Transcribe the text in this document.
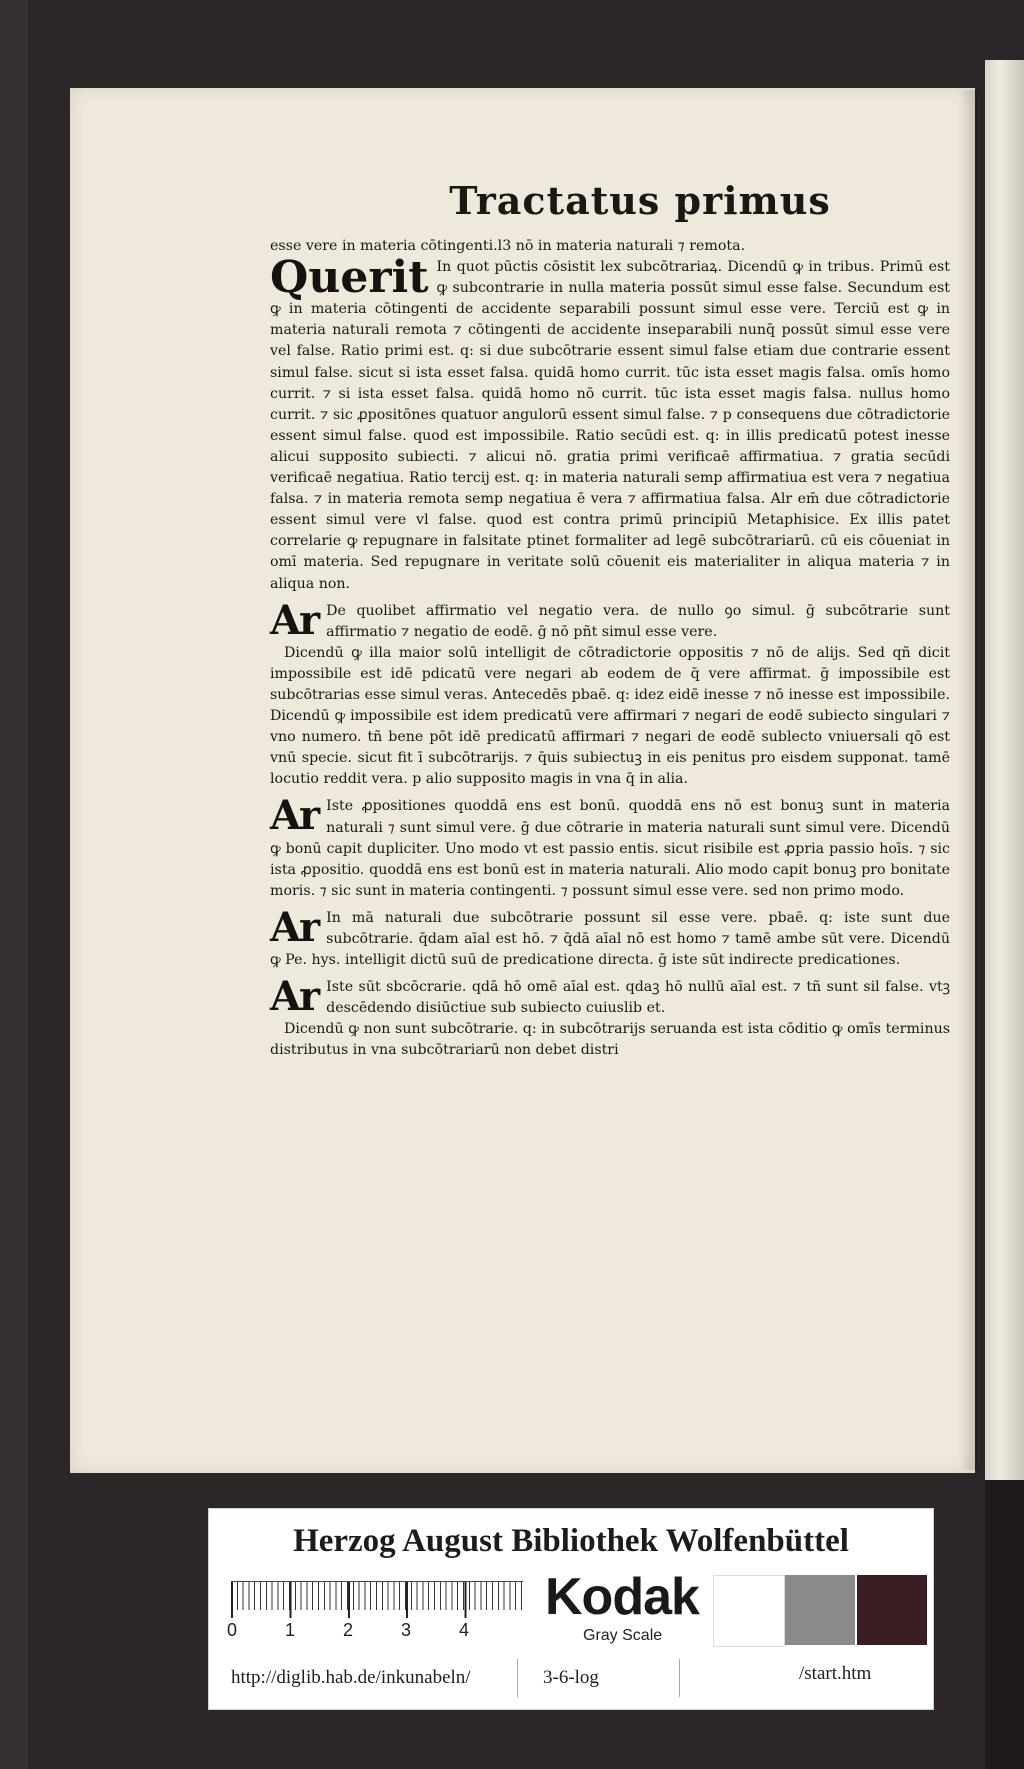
Tractatus primus

esse vere in materia cōtingenti.l3 nō in materia naturali ⁊ remota.

Querit In quot pūctis cōsistit lex subcōtrariaꝝ. Dicendū ꝙ in tribus. Primū est ꝙ subcontrarie in nulla materia possūt simul esse false. Secundum est ꝙ in materia cōtingenti de accidente separabili possunt simul esse vere. Terciū est ꝙ in materia naturali remota ⁊ cōtingenti de accidente inseparabili nunq̄ possūt simul esse vere vel false. Ratio primi est. q: si due subcōtrarie essent simul false etiam due contrarie essent simul false. sicut si ista esset falsa. quidā homo currit. tūc ista esset magis falsa. omīs homo currit. ⁊ si ista esset falsa. quidā homo nō currit. tūc ista esset magis falsa. nullus homo currit. ⁊ sic ꝓpositōnes quatuor angulorū essent simul false. ⁊ p consequens due cōtradictorie essent simul false. quod est impossibile. Ratio secūdi est. q: in illis predicatū potest inesse alicui supposito subiecti. ⁊ alicui nō. gratia primi verificaē affirmatiua. ⁊ gratia secūdi verificaē negatiua. Ratio tercij est. q: in materia naturali semp affirmatiua est vera ⁊ negatiua falsa. ⁊ in materia remota semp negatiua ē vera ⁊ affirmatiua falsa. Alr em̄ due cōtradictorie essent simul vere vl false. quod est contra primū principiū Metaphisice. Ex illis patet correlarie ꝙ repugnare in falsitate ptinet formaliter ad legē subcōtrariarū. cū eis cōueniat in omī materia. Sed repugnare in veritate solū cōuenit eis materialiter in aliqua materia ⁊ in aliqua non.

Ar De quolibet affirmatio vel negatio vera. de nullo ꝯo simul. ḡ subcōtrarie sunt affirmatio ⁊ negatio de eodē. ḡ nō pñt simul esse vere.

Dicendū ꝙ illa maior solū intelligit de cōtradictorie oppositis ⁊ nō de alijs. Sed qñ dicit impossibile est idē pdicatū vere negari ab eodem de q̄ vere affirmat. ḡ impossibile est subcōtrarias esse simul veras. Antecedēs pbaē. q: idez eidē inesse ⁊ nō inesse est impossibile. Dicendū ꝙ impossibile est idem predicatū vere affirmari ⁊ negari de eodē subiecto singulari ⁊ vno numero. tñ bene pōt idē predicatū affirmari ⁊ negari de eodē sublecto vniuersali qō est vnū specie. sicut fit ī subcōtrarijs. ⁊ q̄uis subiectuꝫ in eis penitus pro eisdem supponat. tamē locutio reddit vera. p alio supposito magis in vna q̄ in alia.

Ar Iste ꝓpositiones quoddā ens est bonū. quoddā ens nō est bonuꝫ sunt in materia naturali ⁊ sunt simul vere. ḡ due cōtrarie in materia naturali sunt simul vere. Dicendū ꝙ bonū capit dupliciter. Uno modo vt est passio entis. sicut risibile est ꝓpria passio hoīs. ⁊ sic ista ꝓpositio. quoddā ens est bonū est in materia naturali. Alio modo capit bonuꝫ pro bonitate moris. ⁊ sic sunt in materia contingenti. ⁊ possunt simul esse vere. sed non primo modo.

Ar In mā naturali due subcōtrarie possunt sil esse vere. pbaē. q: iste sunt due subcōtrarie. q̄dam aīal est hō. ⁊ q̄dā aīal nō est homo ⁊ tamē ambe sūt vere. Dicendū ꝙ Pe. hys. intelligit dictū suū de predicatione directa. ḡ iste sūt indirecte predicationes.

Ar Iste sūt sbcōcrarie. qdā hō omē aīal est. qdaꝫ hō nullū aīal est. ⁊ tñ sunt sil false. vtꝫ descēdendo disiūctiue sub subiecto cuiuslib et.

Dicendū ꝙ non sunt subcōtrarie. q: in subcōtrarijs seruanda est ista cōditio ꝙ omīs terminus distributus in vna subcōtrariarū non debet distri

Herzog August Bibliothek Wolfenbüttel
0	1	2	3	4
Kodak
Gray Scale
http://diglib.hab.de/inkunabeln/	3-6-log	/start.htm
